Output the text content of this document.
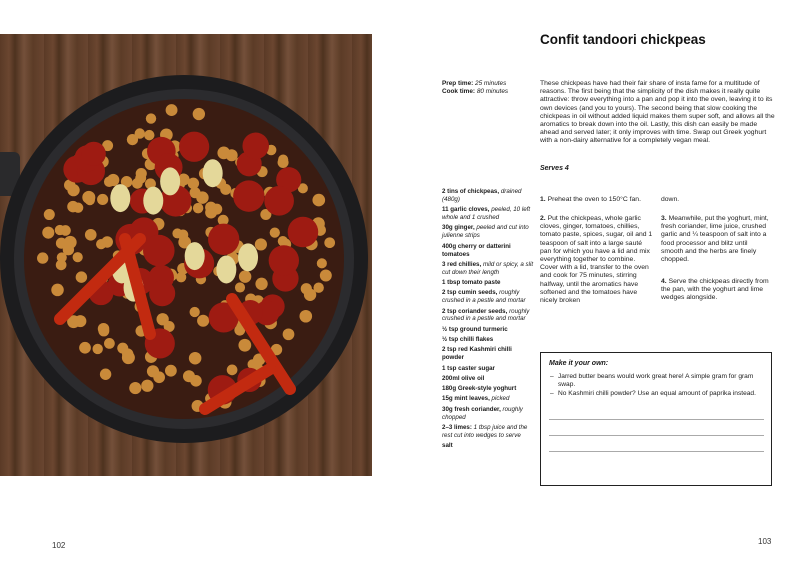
102
Confit tandoori chickpeas
Prep time: 25 minutes
Cook time: 80 minutes
These chickpeas have had their fair share of insta fame for a multitude of reasons. The first being that the simplicity of the dish makes it really quite attractive: throw everything into a pan and pop it into the oven, leaving it to its own devices (and you to yours). The second being that slow cooking the chickpeas in oil without added liquid makes them super soft, and allows all the aromatics to break down into the oil. Lastly, this dish can easily be made ahead and served later; it only improves with time. Swap out Greek yoghurt with a non-dairy alternative for a completely vegan meal.
Serves 4
2 tins of chickpeas, drained (480g)
11 garlic cloves, peeled, 10 left whole and 1 crushed
30g ginger, peeled and cut into julienne strips
400g cherry or datterini tomatoes
3 red chillies, mild or spicy, a slit cut down their length
1 tbsp tomato paste
2 tsp cumin seeds, roughly crushed in a pestle and mortar
2 tsp coriander seeds, roughly crushed in a pestle and mortar
½ tsp ground turmeric
½ tsp chilli flakes
2 tsp red Kashmiri chilli powder
1 tsp caster sugar
200ml olive oil
180g Greek-style yoghurt
15g mint leaves, picked
30g fresh coriander, roughly chopped
2–3 limes: 1 tbsp juice and the rest cut into wedges to serve
salt
1. Preheat the oven to 150°C fan.	down.
2. Put the chickpeas, whole garlic cloves, ginger, tomatoes, chillies, tomato paste, spices, sugar, oil and 1 teaspoon of salt into a large sauté pan for which you have a lid and mix everything together to combine. Cover with a lid, transfer to the oven and cook for 75 minutes, stirring halfway, until the aromatics have softened and the tomatoes have nicely broken
3. Meanwhile, put the yoghurt, mint, fresh coriander, lime juice, crushed garlic and ¼ teaspoon of salt into a food processor and blitz until smooth and the herbs are finely chopped.
4. Serve the chickpeas directly from the pan, with the yoghurt and lime wedges alongside.
Make it your own:
– Jarred butter beans would work great here! A simple gram for gram swap.
– No Kashmiri chilli powder? Use an equal amount of paprika instead.
103
